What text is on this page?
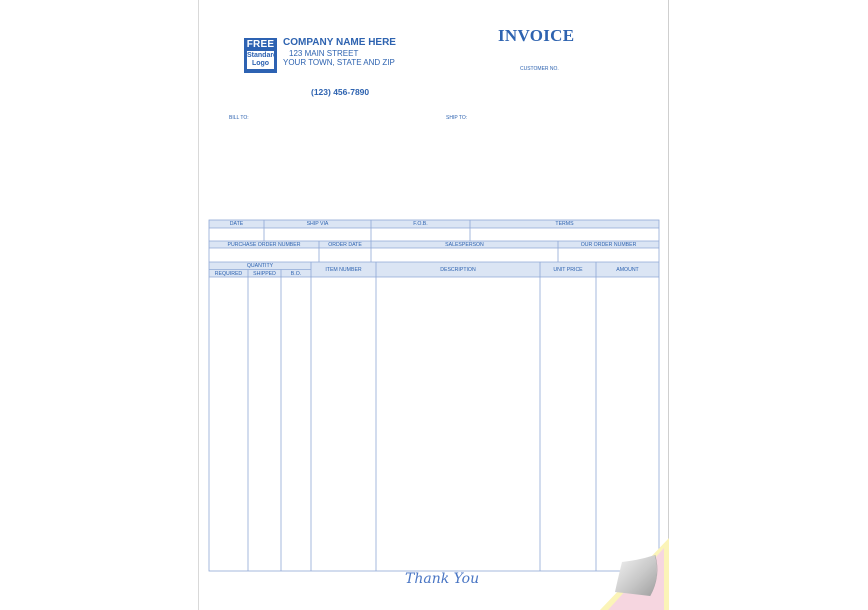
FREE
Standard
Logo
COMPANY NAME HERE
123 MAIN STREET
YOUR TOWN, STATE AND ZIP
(123) 456-7890
INVOICE
CUSTOMER NO.
BILL TO:	SHIP TO:
DATE	SHIP VIA	F.O.B.	TERMS
PURCHASE ORDER NUMBER	ORDER DATE	SALESPERSON	OUR ORDER NUMBER
QUANTITY
REQUIRED	SHIPPED	B.O.
ITEM NUMBER	DESCRIPTION	UNIT PRICE	AMOUNT
Thank You
